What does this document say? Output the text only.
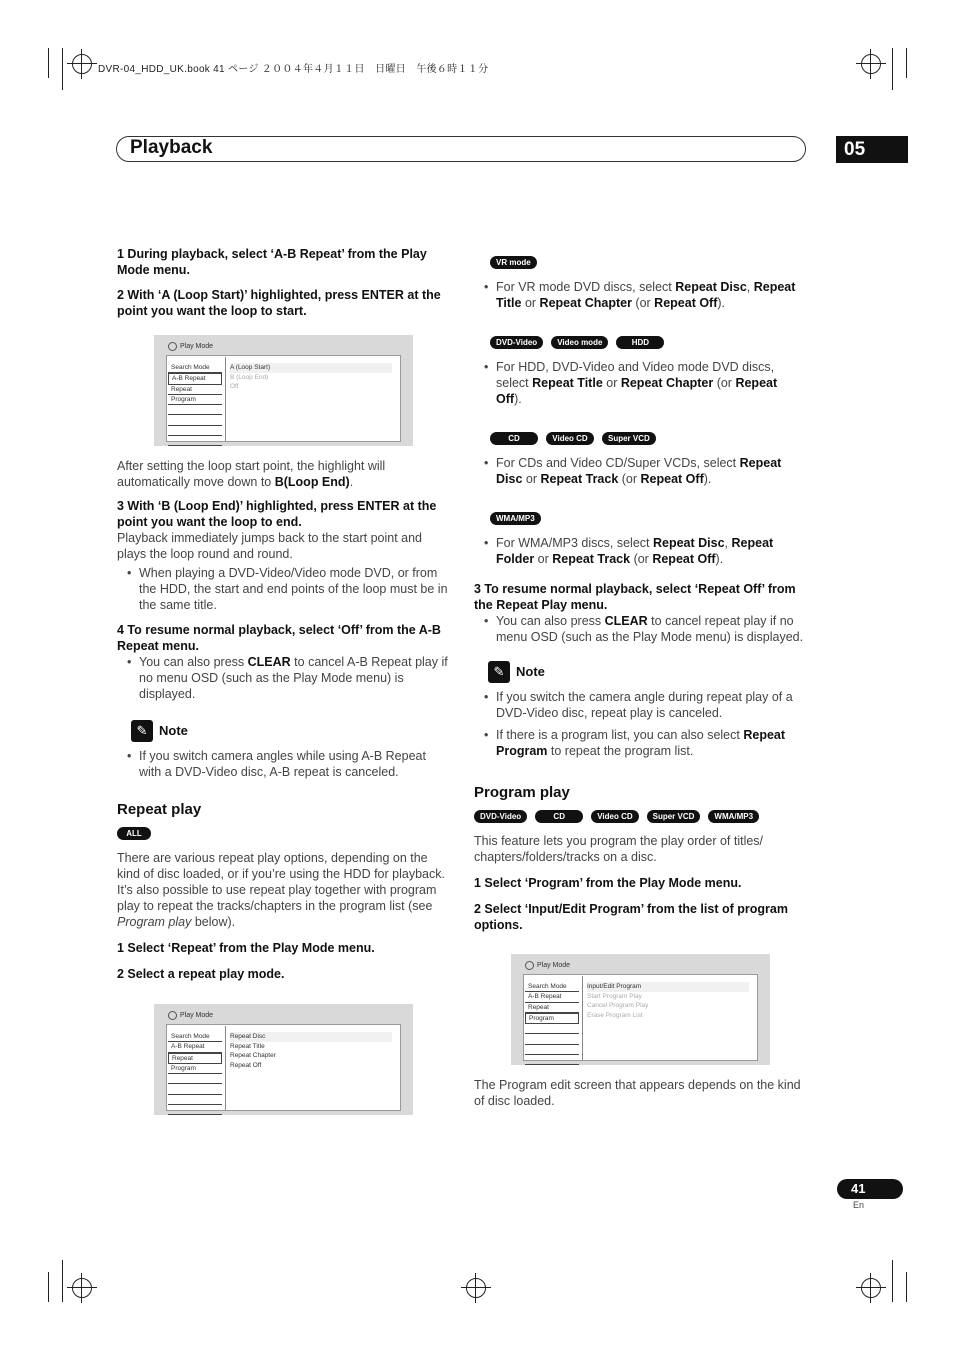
DVR-04_HDD_UK.book 41 ページ ２００４年４月１１日　日曜日　午後６時１１分
Playback	05

1 During playback, select ‘A-B Repeat’ from the Play Mode menu.

2 With ‘A (Loop Start)’ highlighted, press ENTER at the point you want the loop to start.

Play Mode
Search Mode
A-B Repeat
Repeat
Program
A (Loop Start)
B (Loop End)
Off

After setting the loop start point, the highlight will automatically move down to B(Loop End).

3 With ‘B (Loop End)’ highlighted, press ENTER at the point you want the loop to end.

Playback immediately jumps back to the start point and plays the loop round and round.

• When playing a DVD-Video/Video mode DVD, or from the HDD, the start and end points of the loop must be in the same title.

4 To resume normal playback, select ‘Off’ from the A-B Repeat menu.

• You can also press CLEAR to cancel A-B Repeat play if no menu OSD (such as the Play Mode menu) is displayed.

✎ Note

• If you switch camera angles while using A-B Repeat with a DVD-Video disc, A-B repeat is canceled.

Repeat play

ALL

There are various repeat play options, depending on the kind of disc loaded, or if you’re using the HDD for playback. It’s also possible to use repeat play together with program play to repeat the tracks/chapters in the program list (see Program play below).

1 Select ‘Repeat’ from the Play Mode menu.

2 Select a repeat play mode.

Play Mode
Search Mode
A-B Repeat
Repeat
Program
Repeat Disc
Repeat Title
Repeat Chapter
Repeat Off
VR mode

• For VR mode DVD discs, select Repeat Disc, Repeat Title or Repeat Chapter (or Repeat Off).

DVD-Video	Video mode	HDD

• For HDD, DVD-Video and Video mode DVD discs, select Repeat Title or Repeat Chapter (or Repeat Off).

CD	Video CD	Super VCD

• For CDs and Video CD/Super VCDs, select Repeat Disc or Repeat Track (or Repeat Off).

WMA/MP3

• For WMA/MP3 discs, select Repeat Disc, Repeat Folder or Repeat Track (or Repeat Off).

3 To resume normal playback, select ‘Repeat Off’ from the Repeat Play menu.

• You can also press CLEAR to cancel repeat play if no menu OSD (such as the Play Mode menu) is displayed.

✎ Note

• If you switch the camera angle during repeat play of a DVD-Video disc, repeat play is canceled.

• If there is a program list, you can also select Repeat Program to repeat the program list.

Program play

DVD-Video	CD	Video CD	Super VCD	WMA/MP3

This feature lets you program the play order of titles/ chapters/folders/tracks on a disc.

1 Select ‘Program’ from the Play Mode menu.

2 Select ‘Input/Edit Program’ from the list of program options.

Play Mode
Search Mode
A-B Repeat
Repeat
Program
Input/Edit Program
Start Program Play
Cancel Program Play
Erase Program List

The Program edit screen that appears depends on the kind of disc loaded.

41
En
